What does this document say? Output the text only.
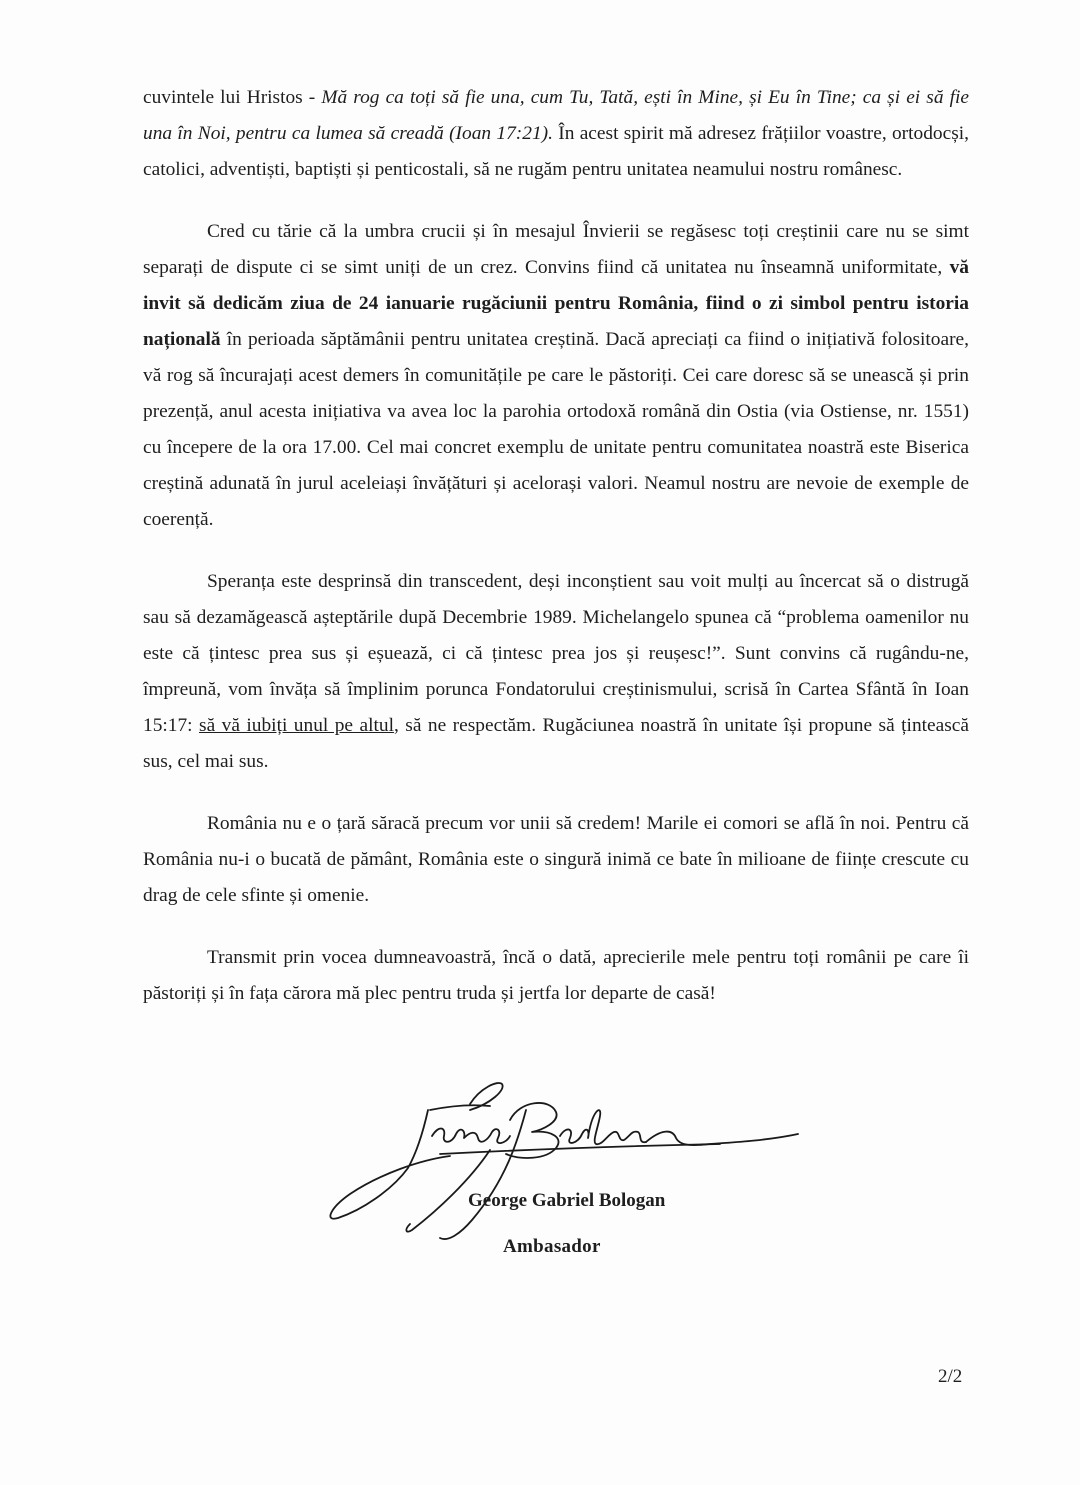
cuvintele lui Hristos - Mă rog ca toți să fie una, cum Tu, Tată, ești în Mine, și Eu în Tine; ca și ei să fie una în Noi, pentru ca lumea să creadă (Ioan 17:21). În acest spirit mă adresez frățiilor voastre, ortodocși, catolici, adventiști, baptiști și penticostali, să ne rugăm pentru unitatea neamului nostru românesc.

Cred cu tărie că la umbra crucii și în mesajul Învierii se regăsesc toți creștinii care nu se simt separați de dispute ci se simt uniți de un crez. Convins fiind că unitatea nu înseamnă uniformitate, vă invit să dedicăm ziua de 24 ianuarie rugăciunii pentru România, fiind o zi simbol pentru istoria națională în perioada săptămânii pentru unitatea creștină. Dacă apreciați ca fiind o inițiativă folositoare, vă rog să încurajați acest demers în comunitățile pe care le păstoriți. Cei care doresc să se unească și prin prezență, anul acesta inițiativa va avea loc la parohia ortodoxă română din Ostia (via Ostiense, nr. 1551) cu începere de la ora 17.00. Cel mai concret exemplu de unitate pentru comunitatea noastră este Biserica creștină adunată în jurul aceleiași învățături și acelorași valori. Neamul nostru are nevoie de exemple de coerență.

Speranța este desprinsă din transcedent, deși inconștient sau voit mulți au încercat să o distrugă sau să dezamăgească așteptările după Decembrie 1989. Michelangelo spunea că “problema oamenilor nu este că țintesc prea sus și eșuează, ci că țintesc prea jos și reușesc!”. Sunt convins că rugându-ne, împreună, vom învăța să împlinim porunca Fondatorului creștinismului, scrisă în Cartea Sfântă în Ioan 15:17: să vă iubiți unul pe altul, să ne respectăm. Rugăciunea noastră în unitate își propune să țintească sus, cel mai sus.

România nu e o țară săracă precum vor unii să credem! Marile ei comori se află în noi. Pentru că România nu-i o bucată de pământ, România este o singură inimă ce bate în milioane de ființe crescute cu drag de cele sfinte și omenie.

Transmit prin vocea dumneavoastră, încă o dată, aprecierile mele pentru toți românii pe care îi păstoriți și în fața cărora mă plec pentru truda și jertfa lor departe de casă!

George Gabriel Bologan
Ambasador
2/2
